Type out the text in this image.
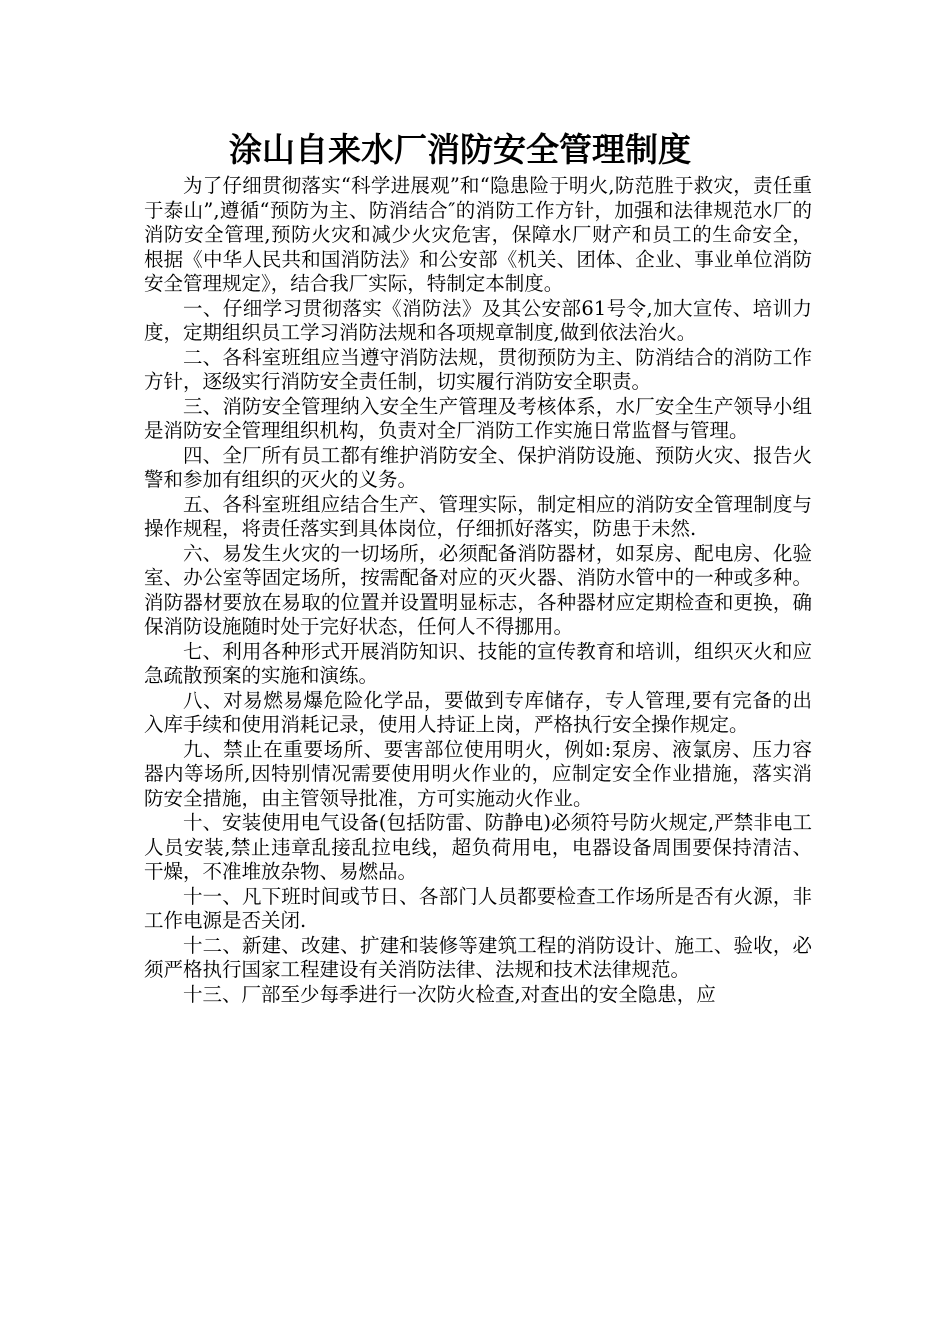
涂山自来水厂消防安全管理制度

为了仔细贯彻落实“科学进展观”和“隐患险于明火,防范胜于救灾，责任重于泰山”,遵循“预防为主、防消结合″的消防工作方针，加强和法律规范水厂的消防安全管理,预防火灾和减少火灾危害，保障水厂财产和员工的生命安全，根据《中华人民共和国消防法》和公安部《机关、团体、企业、事业单位消防安全管理规定》，结合我厂实际，特制定本制度。

一、仔细学习贯彻落实《消防法》及其公安部61号令,加大宣传、培训力度，定期组织员工学习消防法规和各项规章制度,做到依法治火。

二、各科室班组应当遵守消防法规，贯彻预防为主、防消结合的消防工作方针，逐级实行消防安全责任制，切实履行消防安全职责。

三、消防安全管理纳入安全生产管理及考核体系，水厂安全生产领导小组是消防安全管理组织机构，负责对全厂消防工作实施日常监督与管理。

四、全厂所有员工都有维护消防安全、保护消防设施、预防火灾、报告火警和参加有组织的灭火的义务。

五、各科室班组应结合生产、管理实际，制定相应的消防安全管理制度与操作规程，将责任落实到具体岗位，仔细抓好落实，防患于未然.

六、易发生火灾的一切场所，必须配备消防器材，如泵房、配电房、化验室、办公室等固定场所，按需配备对应的灭火器、消防水管中的一种或多种。消防器材要放在易取的位置并设置明显标志，各种器材应定期检查和更换，确保消防设施随时处于完好状态，任何人不得挪用。

七、利用各种形式开展消防知识、技能的宣传教育和培训，组织灭火和应急疏散预案的实施和演练。

八、对易燃易爆危险化学品，要做到专库储存，专人管理,要有完备的出入库手续和使用消耗记录，使用人持证上岗，严格执行安全操作规定。

九、禁止在重要场所、要害部位使用明火，例如:泵房、液氯房、压力容器内等场所,因特别情况需要使用明火作业的，应制定安全作业措施，落实消防安全措施，由主管领导批准，方可实施动火作业。

十、安装使用电气设备(包括防雷、防静电)必须符号防火规定,严禁非电工人员安装,禁止违章乱接乱拉电线，超负荷用电，电器设备周围要保持清洁、干燥，不准堆放杂物、易燃品。

十一、凡下班时间或节日、各部门人员都要检查工作场所是否有火源，非工作电源是否关闭.

十二、新建、改建、扩建和装修等建筑工程的消防设计、施工、验收，必须严格执行国家工程建设有关消防法律、法规和技术法律规范。

十三、厂部至少每季进行一次防火检查,对查出的安全隐患，应
